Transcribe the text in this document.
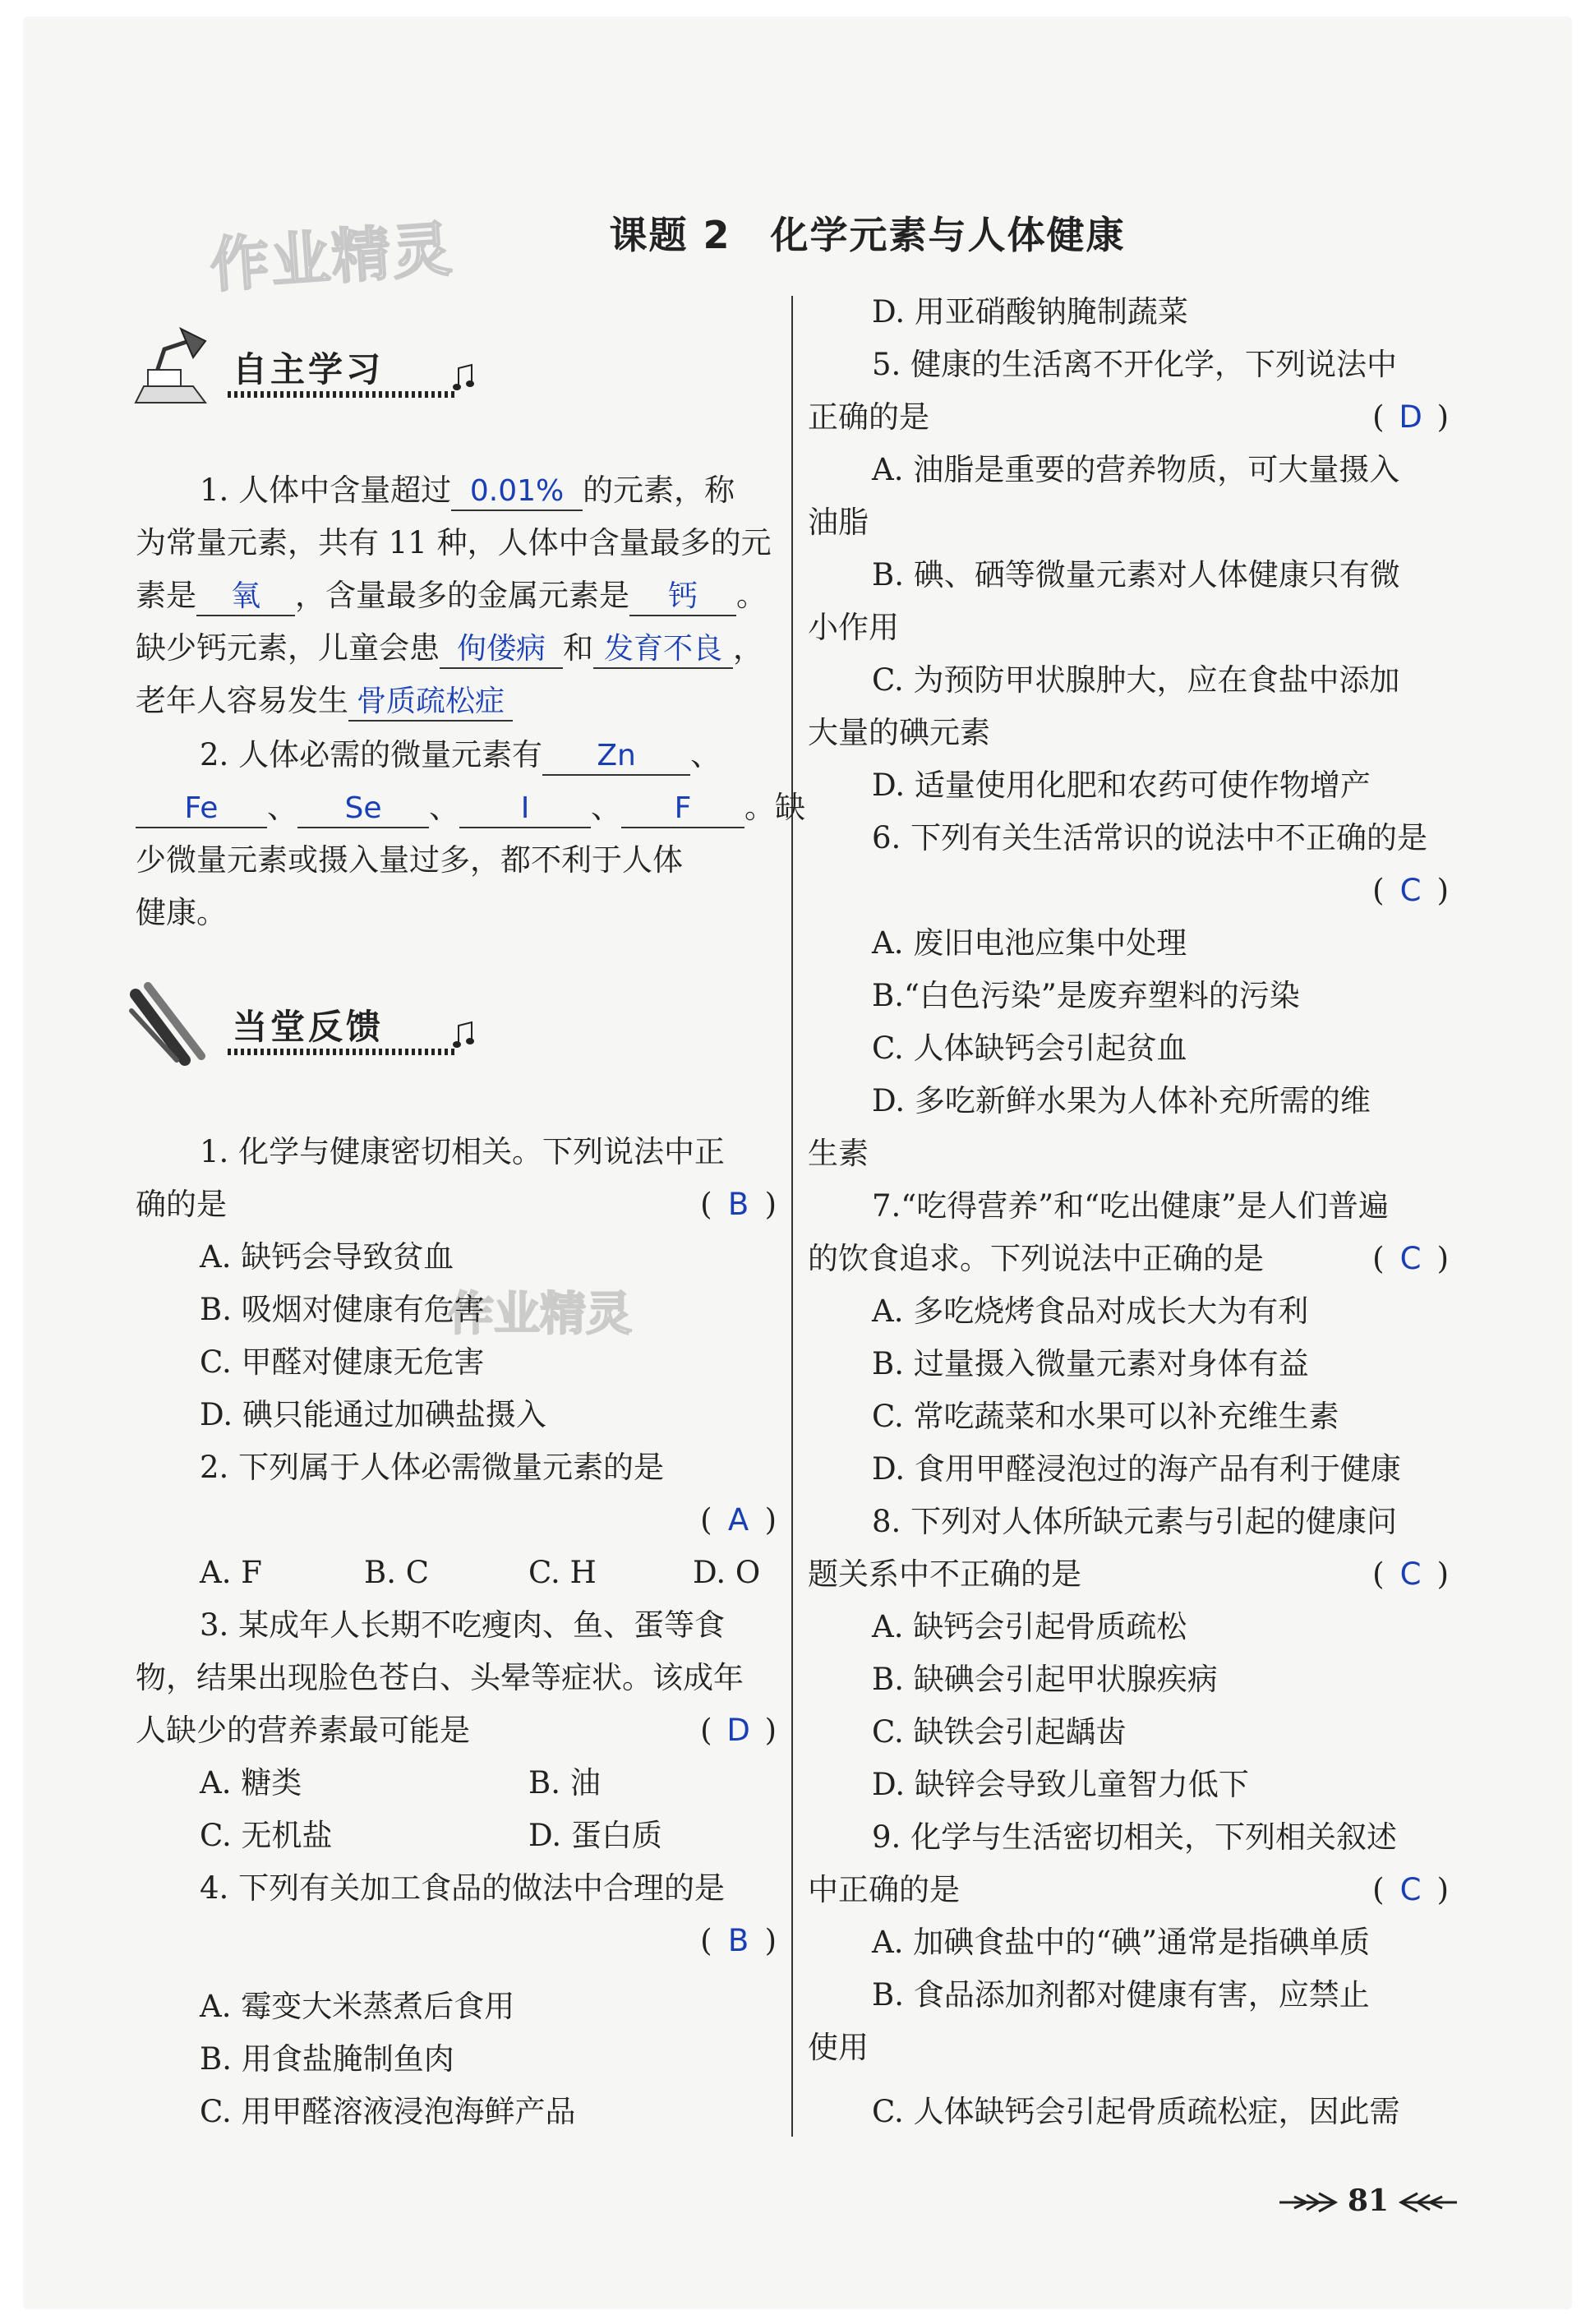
作业精灵
作业精灵
课题 2　化学元素与人体健康
自主学习
1. 人体中含量超过 0.01% 的元素，称
为常量元素，共有 11 种，人体中含量最多的元
素是 氧 ，含量最多的金属元素是 钙 。
缺少钙元素，儿童会患 佝偻病 和 发育不良 ，
老年人容易发生 骨质疏松症
2. 人体必需的微量元素有 Zn 、
Fe 、 Se 、 I 、 F 。缺
少微量元素或摄入量过多，都不利于人体
健康。
当堂反馈
1. 化学与健康密切相关。下列说法中正
确的是	( B )
A. 缺钙会导致贫血
B. 吸烟对健康有危害
C. 甲醛对健康无危害
D. 碘只能通过加碘盐摄入
2. 下列属于人体必需微量元素的是
( A )
A. F	B. C	C. H	D. O
3. 某成年人长期不吃瘦肉、鱼、蛋等食
物，结果出现脸色苍白、头晕等症状。该成年
人缺少的营养素最可能是	( D )
A. 糖类	B. 油
C. 无机盐	D. 蛋白质
4. 下列有关加工食品的做法中合理的是
( B )
A. 霉变大米蒸煮后食用
B. 用食盐腌制鱼肉
C. 用甲醛溶液浸泡海鲜产品
D. 用亚硝酸钠腌制蔬菜
5. 健康的生活离不开化学，下列说法中
正确的是	( D )
A. 油脂是重要的营养物质，可大量摄入
油脂
B. 碘、硒等微量元素对人体健康只有微
小作用
C. 为预防甲状腺肿大，应在食盐中添加
大量的碘元素
D. 适量使用化肥和农药可使作物增产
6. 下列有关生活常识的说法中不正确的是
( C )
A. 废旧电池应集中处理
B.“白色污染”是废弃塑料的污染
C. 人体缺钙会引起贫血
D. 多吃新鲜水果为人体补充所需的维
生素
7.“吃得营养”和“吃出健康”是人们普遍
的饮食追求。下列说法中正确的是	( C )
A. 多吃烧烤食品对成长大为有利
B. 过量摄入微量元素对身体有益
C. 常吃蔬菜和水果可以补充维生素
D. 食用甲醛浸泡过的海产品有利于健康
8. 下列对人体所缺元素与引起的健康问
题关系中不正确的是	( C )
A. 缺钙会引起骨质疏松
B. 缺碘会引起甲状腺疾病
C. 缺铁会引起龋齿
D. 缺锌会导致儿童智力低下
9. 化学与生活密切相关，下列相关叙述
中正确的是	( C )
A. 加碘食盐中的“碘”通常是指碘单质
B. 食品添加剂都对健康有害，应禁止
使用
C. 人体缺钙会引起骨质疏松症，因此需
81
